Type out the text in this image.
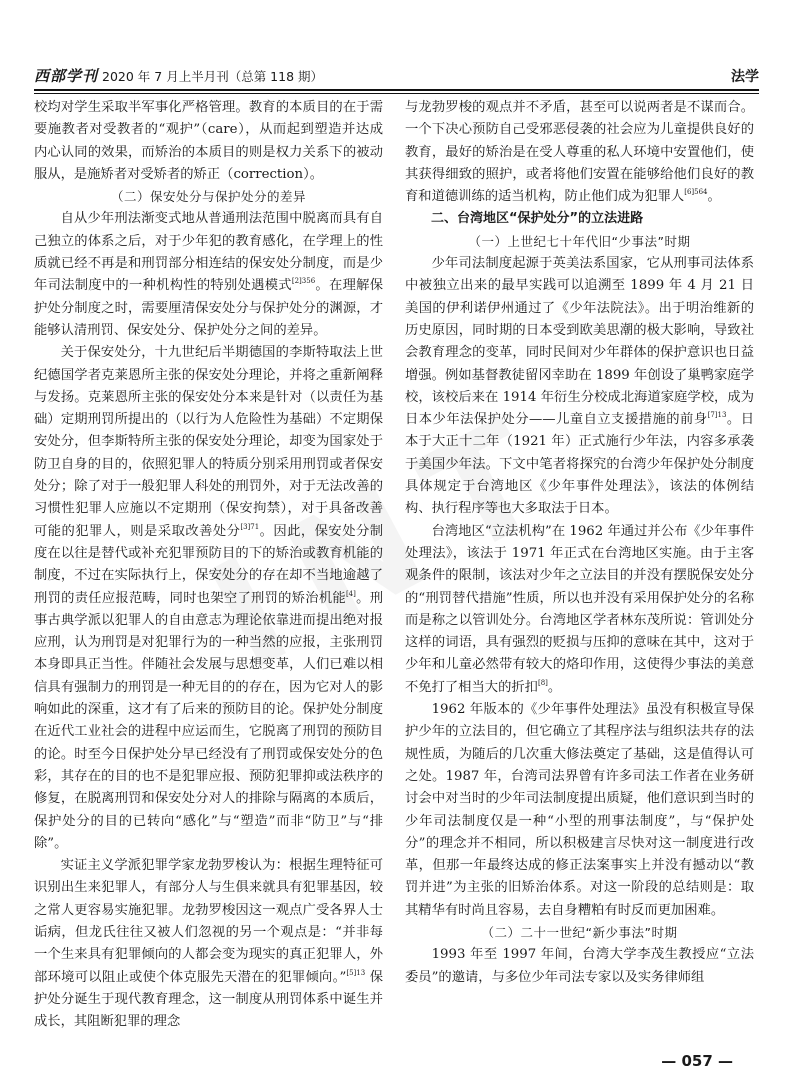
西部学刊 2020 年 7 月上半月刊（总第 118 期）	法学

校均对学生采取半军事化严格管理。教育的本质目的在于需要施教者对受教者的“观护”（care），从而起到塑造并达成内心认同的效果，而矫治的本质目的则是权力关系下的被动服从，是施矫者对受矫者的矫正（correction）。

（二）保安处分与保护处分的差异

自从少年刑法渐变式地从普通刑法范围中脱离而具有自己独立的体系之后，对于少年犯的教育感化，在学理上的性质就已经不再是和刑罚部分相连结的保安处分制度，而是少年司法制度中的一种机构性的特别处遇模式$^{[2]356}$。在理解保护处分制度之时，需要厘清保安处分与保护处分的渊源，才能够认清刑罚、保安处分、保护处分之间的差异。

关于保安处分，十九世纪后半期德国的李斯特取法上世纪德国学者克莱恩所主张的保安处分理论，并将之重新阐释与发扬。克莱恩所主张的保安处分本来是针对（以责任为基础）定期刑罚所提出的（以行为人危险性为基础）不定期保安处分，但李斯特所主张的保安处分理论，却变为国家处于防卫自身的目的，依照犯罪人的特质分别采用刑罚或者保安处分；除了对于一般犯罪人科处的刑罚外，对于无法改善的习惯性犯罪人应施以不定期刑（保安拘禁），对于具备改善可能的犯罪人，则是采取改善处分$^{[3]71}$。因此，保安处分制度在以往是替代或补充犯罪预防目的下的矫治或教育机能的制度，不过在实际执行上，保安处分的存在却不当地逾越了刑罚的责任应报范畴，同时也架空了刑罚的矫治机能[4]。刑事古典学派以犯罪人的自由意志为理论依靠进而提出绝对报应刑，认为刑罚是对犯罪行为的一种当然的应报，主张刑罚本身即具正当性。伴随社会发展与思想变革，人们已难以相信具有强制力的刑罚是一种无目的的存在，因为它对人的影响如此的深重，这才有了后来的预防目的论。保护处分制度在近代工业社会的进程中应运而生，它脱离了刑罚的预防目的论。时至今日保护处分早已经没有了刑罚或保安处分的色彩，其存在的目的也不是犯罪应报、预防犯罪抑或法秩序的修复，在脱离刑罚和保安处分对人的排除与隔离的本质后，保护处分的目的已转向“感化”与“塑造”而非“防卫”与“排除”。

实证主义学派犯罪学家龙勃罗梭认为：根据生理特征可识别出生来犯罪人，有部分人与生俱来就具有犯罪基因，较之常人更容易实施犯罪。龙勃罗梭因这一观点广受各界人士诟病，但龙氏往往又被人们忽视的另一个观点是：“并非每一个生来具有犯罪倾向的人都会变为现实的真正犯罪人，外部环境可以阻止或使个体克服先天潜在的犯罪倾向。”$^{[5]13}$ 保护处分诞生于现代教育理念，这一制度从刑罚体系中诞生并成长，其阻断犯罪的理念

与龙勃罗梭的观点并不矛盾，甚至可以说两者是不谋而合。一个下决心预防自己受邪恶侵袭的社会应为儿童提供良好的教育，最好的矫治是在受人尊重的私人环境中安置他们，使其获得细致的照护，或者将他们安置在能够给他们良好的教育和道德训练的适当机构，防止他们成为犯罪人$^{[6]564}$。

二、台湾地区“保护处分”的立法进路

（一）上世纪七十年代旧“少事法”时期

少年司法制度起源于英美法系国家，它从刑事司法体系中被独立出来的最早实践可以追溯至 1899 年 4 月 21 日美国的伊利诺伊州通过了《少年法院法》。出于明治维新的历史原因，同时期的日本受到欧美思潮的极大影响，导致社会教育理念的变革，同时民间对少年群体的保护意识也日益增强。例如基督教徒留冈幸助在 1899 年创设了巢鸭家庭学校，该校后来在 1914 年衍生分校成北海道家庭学校，成为日本少年法保护处分——儿童自立支援措施的前身$^{[7]13}$。日本于大正十二年（1921 年）正式施行少年法，内容多承袭于美国少年法。下文中笔者将探究的台湾少年保护处分制度具体规定于台湾地区《少年事件处理法》，该法的体例结构、执行程序等也大多取法于日本。

台湾地区“立法机构”在 1962 年通过并公布《少年事件处理法》，该法于 1971 年正式在台湾地区实施。由于主客观条件的限制，该法对少年之立法目的并没有摆脱保安处分的“刑罚替代措施”性质，所以也并没有采用保护处分的名称而是称之以管训处分。台湾地区学者林东茂所说：管训处分这样的词语，具有强烈的贬损与压抑的意味在其中，这对于少年和儿童必然带有较大的烙印作用，这使得少事法的美意不免打了相当大的折扣[8]。

1962 年版本的《少年事件处理法》虽没有积极宣导保护少年的立法目的，但它确立了其程序法与组织法共存的法规性质，为随后的几次重大修法奠定了基础，这是值得认可之处。1987 年，台湾司法界曾有许多司法工作者在业务研讨会中对当时的少年司法制度提出质疑，他们意识到当时的少年司法制度仅是一种“小型的刑事法制度”，与“保护处分”的理念并不相同，所以积极建言尽快对这一制度进行改革，但那一年最终达成的修正法案事实上并没有撼动以“教罚并进”为主张的旧矫治体系。对这一阶段的总结则是：取其精华有时尚且容易，去自身糟粕有时反而更加困难。

（二）二十一世纪“新少事法”时期

1993 年至 1997 年间，台湾大学李茂生教授应“立法委员”的邀请，与多位少年司法专家以及实务律师组

— 057 —
